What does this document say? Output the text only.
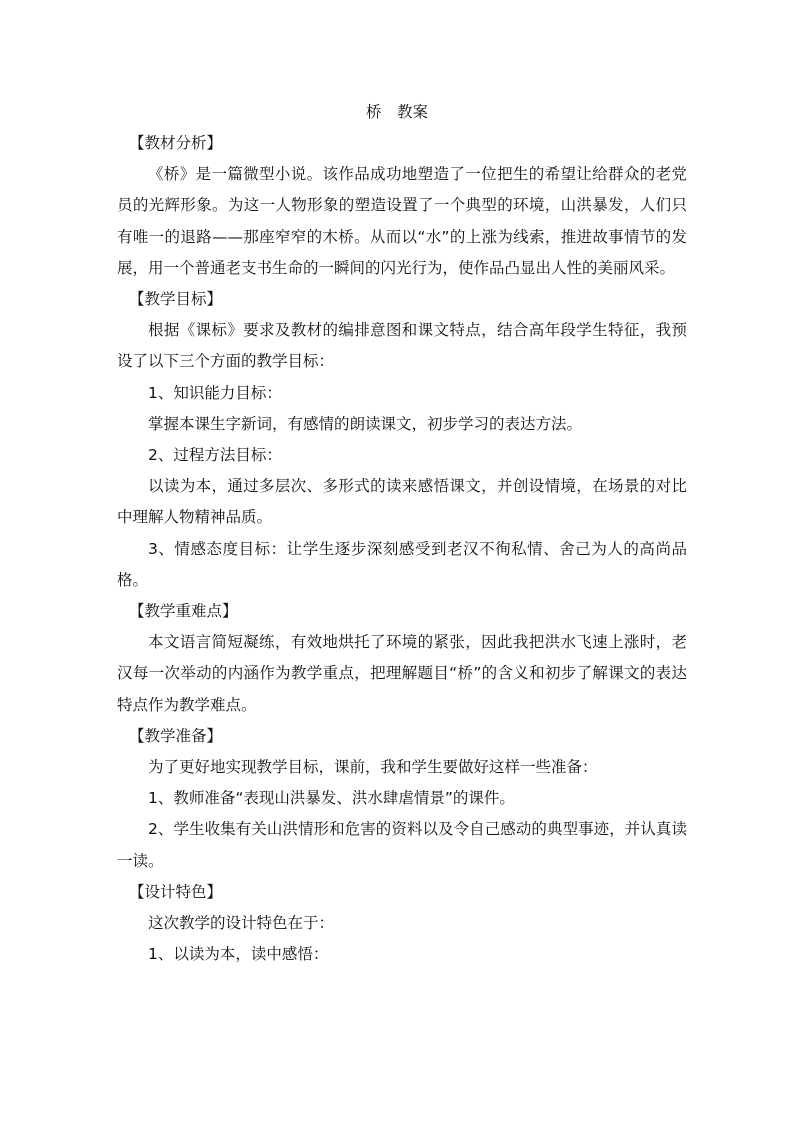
桥　教案

【教材分析】

《桥》是一篇微型小说。该作品成功地塑造了一位把生的希望让给群众的老党员的光辉形象。为这一人物形象的塑造设置了一个典型的环境，山洪暴发，人们只有唯一的退路——那座窄窄的木桥。从而以“水”的上涨为线索，推进故事情节的发展，用一个普通老支书生命的一瞬间的闪光行为，使作品凸显出人性的美丽风采。

【教学目标】

根据《课标》要求及教材的编排意图和课文特点，结合高年段学生特征，我预设了以下三个方面的教学目标：

1、知识能力目标：

掌握本课生字新词，有感情的朗读课文，初步学习的表达方法。

2、过程方法目标：

以读为本，通过多层次、多形式的读来感悟课文，并创设情境，在场景的对比中理解人物精神品质。

3、情感态度目标：让学生逐步深刻感受到老汉不徇私情、舍己为人的高尚品格。

【教学重难点】

本文语言简短凝练，有效地烘托了环境的紧张，因此我把洪水飞速上涨时，老汉每一次举动的内涵作为教学重点，把理解题目“桥”的含义和初步了解课文的表达特点作为教学难点。

【教学准备】

为了更好地实现教学目标，课前，我和学生要做好这样一些准备：

1、教师准备“表现山洪暴发、洪水肆虐情景”的课件。

2、学生收集有关山洪情形和危害的资料以及令自己感动的典型事迹，并认真读一读。

【设计特色】

这次教学的设计特色在于：

1、以读为本，读中感悟：
